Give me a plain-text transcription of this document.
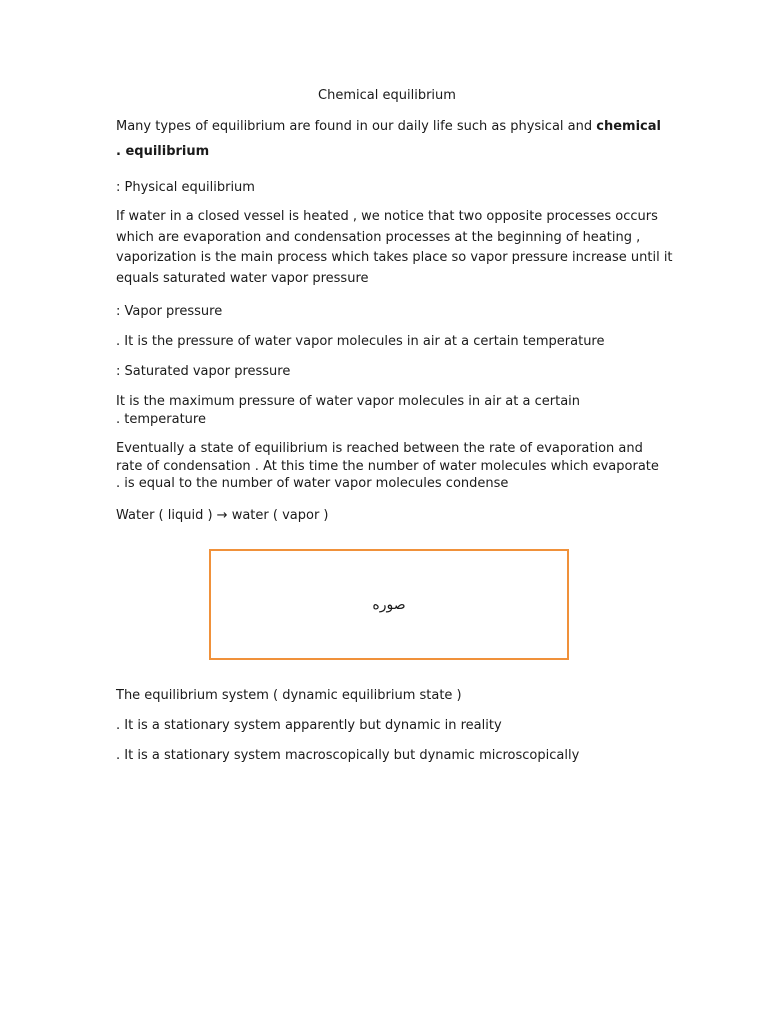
Chemical equilibrium
Many types of equilibrium are found in our daily life such as physical and chemical
. equilibrium
: Physical equilibrium
If water in a closed vessel is heated , we notice that two opposite processes occurs
which are evaporation and condensation processes at the beginning of heating ,
vaporization is the main process which takes place so vapor pressure increase until it
equals saturated water vapor pressure
: Vapor pressure
. It is the pressure of water vapor molecules in air at a certain temperature
: Saturated vapor pressure
It is the maximum pressure of water vapor molecules in air at a certain
. temperature
Eventually a state of equilibrium is reached between the rate of evaporation and
rate of condensation . At this time the number of water molecules which evaporate
. is equal to the number of water vapor molecules condense
Water ( liquid ) → water ( vapor )
صوره
The equilibrium system ( dynamic equilibrium state )
. It is a stationary system apparently but dynamic in reality
. It is a stationary system macroscopically but dynamic microscopically
